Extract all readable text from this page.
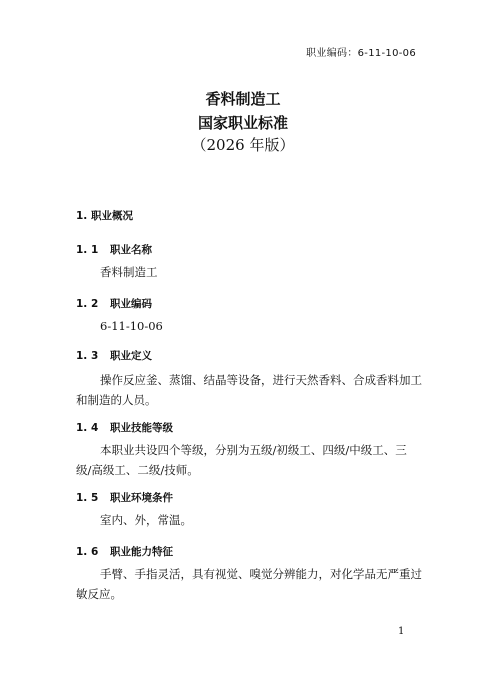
职业编码：6-11-10-06
香料制造工
国家职业标准
（2026 年版）
1. 职业概况
1. 1 职业名称
香料制造工
1. 2 职业编码
6-11-10-06
1. 3 职业定义
操作反应釜、蒸馏、结晶等设备，进行天然香料、合成香料加工和制造的人员。
1. 4 职业技能等级
本职业共设四个等级，分别为五级/初级工、四级/中级工、三级/高级工、二级/技师。
1. 5 职业环境条件
室内、外，常温。
1. 6 职业能力特征
手臂、手指灵活，具有视觉、嗅觉分辨能力，对化学品无严重过敏反应。
1
